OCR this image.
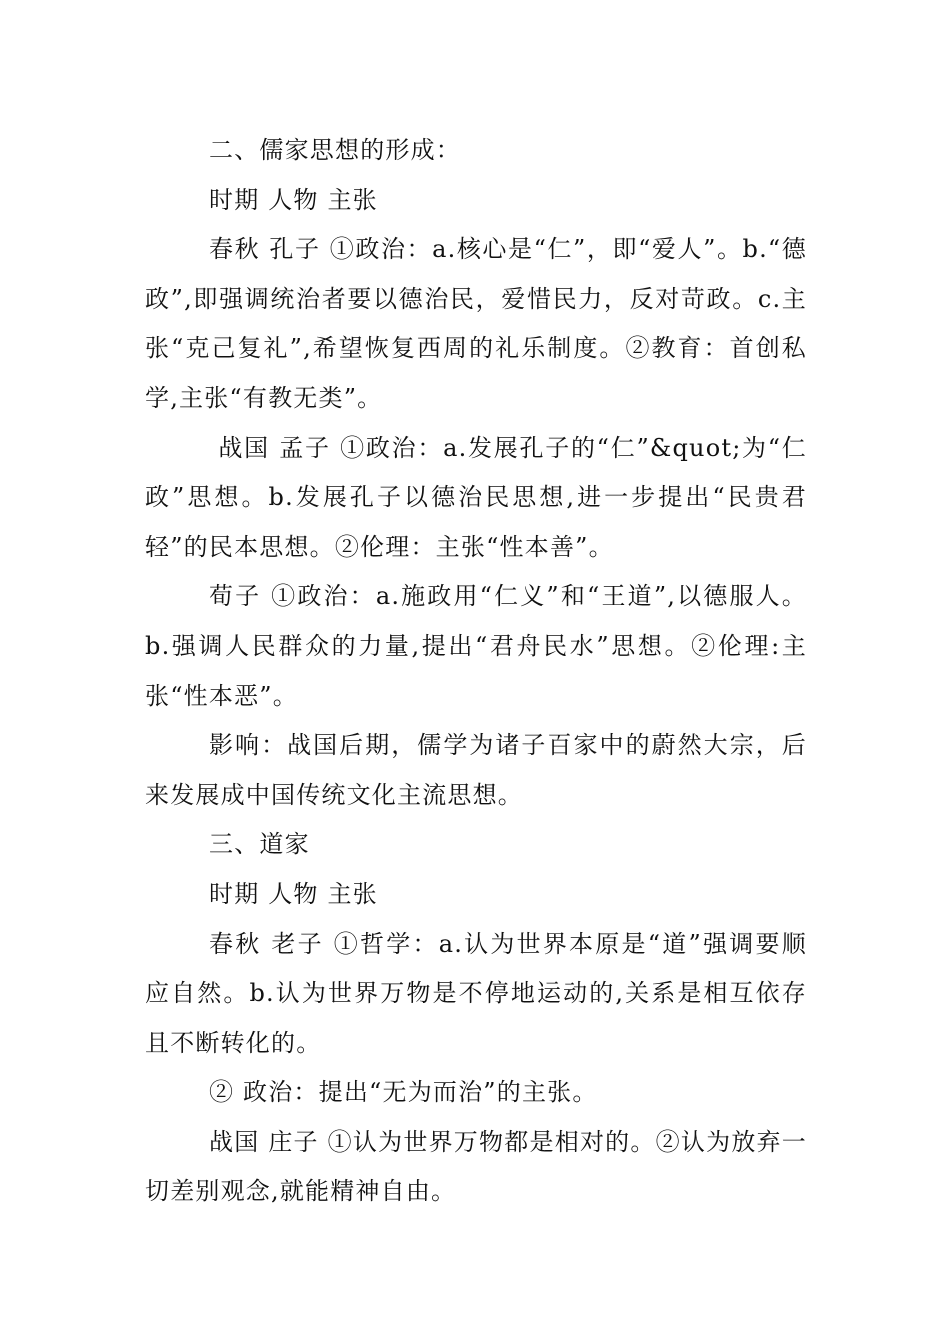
二、儒家思想的形成：

时期 人物 主张

春秋 孔子 ①政治：a.核心是“仁”，即“爱人”。b.“德政”,即强调统治者要以德治民，爱惜民力，反对苛政。c.主张“克己复礼”,希望恢复西周的礼乐制度。②教育：首创私学,主张“有教无类”。

战国 孟子 ①政治：a.发展孔子的“仁”&quot;为“仁政”思想。b.发展孔子以德治民思想,进一步提出“民贵君轻”的民本思想。②伦理：主张“性本善”。

荀子 ①政治：a.施政用“仁义”和“王道”,以德服人。b.强调人民群众的力量,提出“君舟民水”思想。②伦理:主张“性本恶”。

影响：战国后期，儒学为诸子百家中的蔚然大宗，后来发展成中国传统文化主流思想。

三、道家

时期 人物 主张

春秋 老子 ①哲学：a.认为世界本原是“道”强调要顺应自然。b.认为世界万物是不停地运动的,关系是相互依存且不断转化的。

② 政治：提出“无为而治”的主张。

战国 庄子 ①认为世界万物都是相对的。②认为放弃一切差别观念,就能精神自由。
